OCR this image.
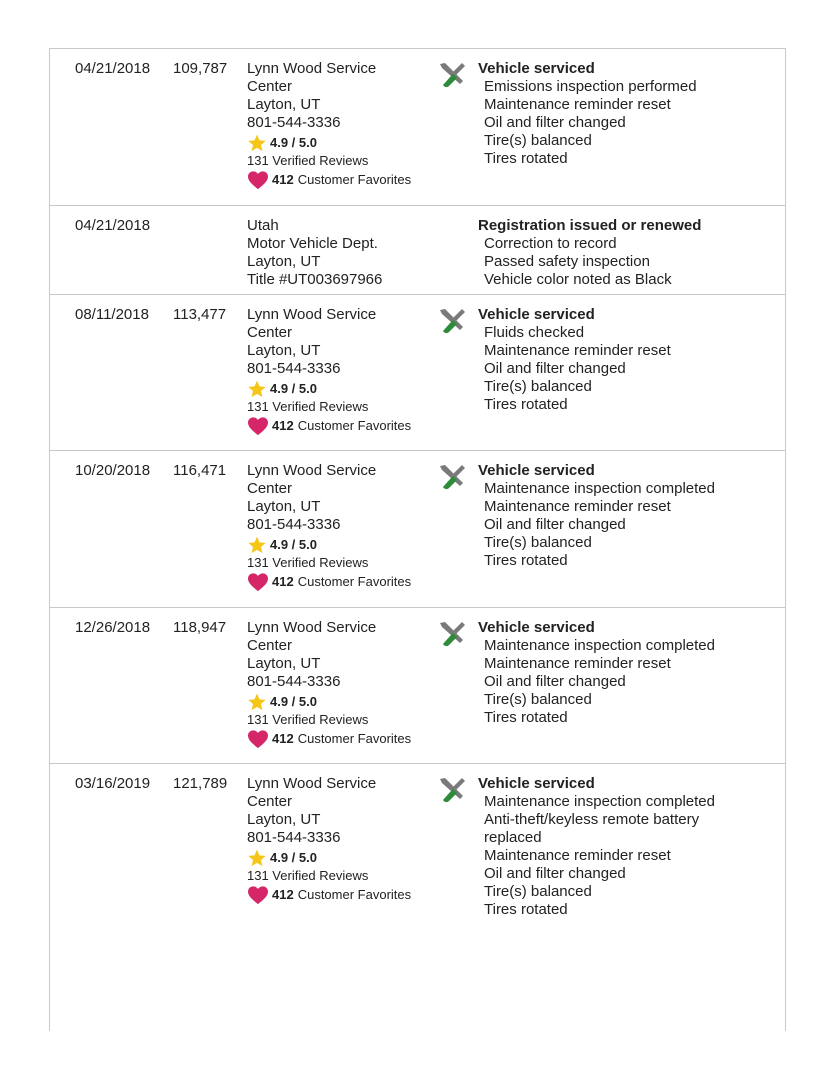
04/21/2018 109,787 Lynn Wood Service
Center
Layton, UT
801-544-3336
4.9 / 5.0
131 Verified Reviews
412 Customer Favorites
Vehicle serviced
Emissions inspection performed
Maintenance reminder reset
Oil and filter changed
Tire(s) balanced
Tires rotated
04/21/2018	Utah
Motor Vehicle Dept.
Layton, UT
Title #UT003697966
Registration issued or renewed
Correction to record
Passed safety inspection
Vehicle color noted as Black
08/11/2018 113,477 Lynn Wood Service
Center
Layton, UT
801-544-3336
4.9 / 5.0
131 Verified Reviews
412 Customer Favorites
Vehicle serviced
Fluids checked
Maintenance reminder reset
Oil and filter changed
Tire(s) balanced
Tires rotated
10/20/2018 116,471 Lynn Wood Service
Center
Layton, UT
801-544-3336
4.9 / 5.0
131 Verified Reviews
412 Customer Favorites
Vehicle serviced
Maintenance inspection completed
Maintenance reminder reset
Oil and filter changed
Tire(s) balanced
Tires rotated
12/26/2018 118,947 Lynn Wood Service
Center
Layton, UT
801-544-3336
4.9 / 5.0
131 Verified Reviews
412 Customer Favorites
Vehicle serviced
Maintenance inspection completed
Maintenance reminder reset
Oil and filter changed
Tire(s) balanced
Tires rotated
03/16/2019 121,789 Lynn Wood Service
Center
Layton, UT
801-544-3336
4.9 / 5.0
131 Verified Reviews
412 Customer Favorites
Vehicle serviced
Maintenance inspection completed
Anti-theft/keyless remote battery replaced
Maintenance reminder reset
Oil and filter changed
Tire(s) balanced
Tires rotated
